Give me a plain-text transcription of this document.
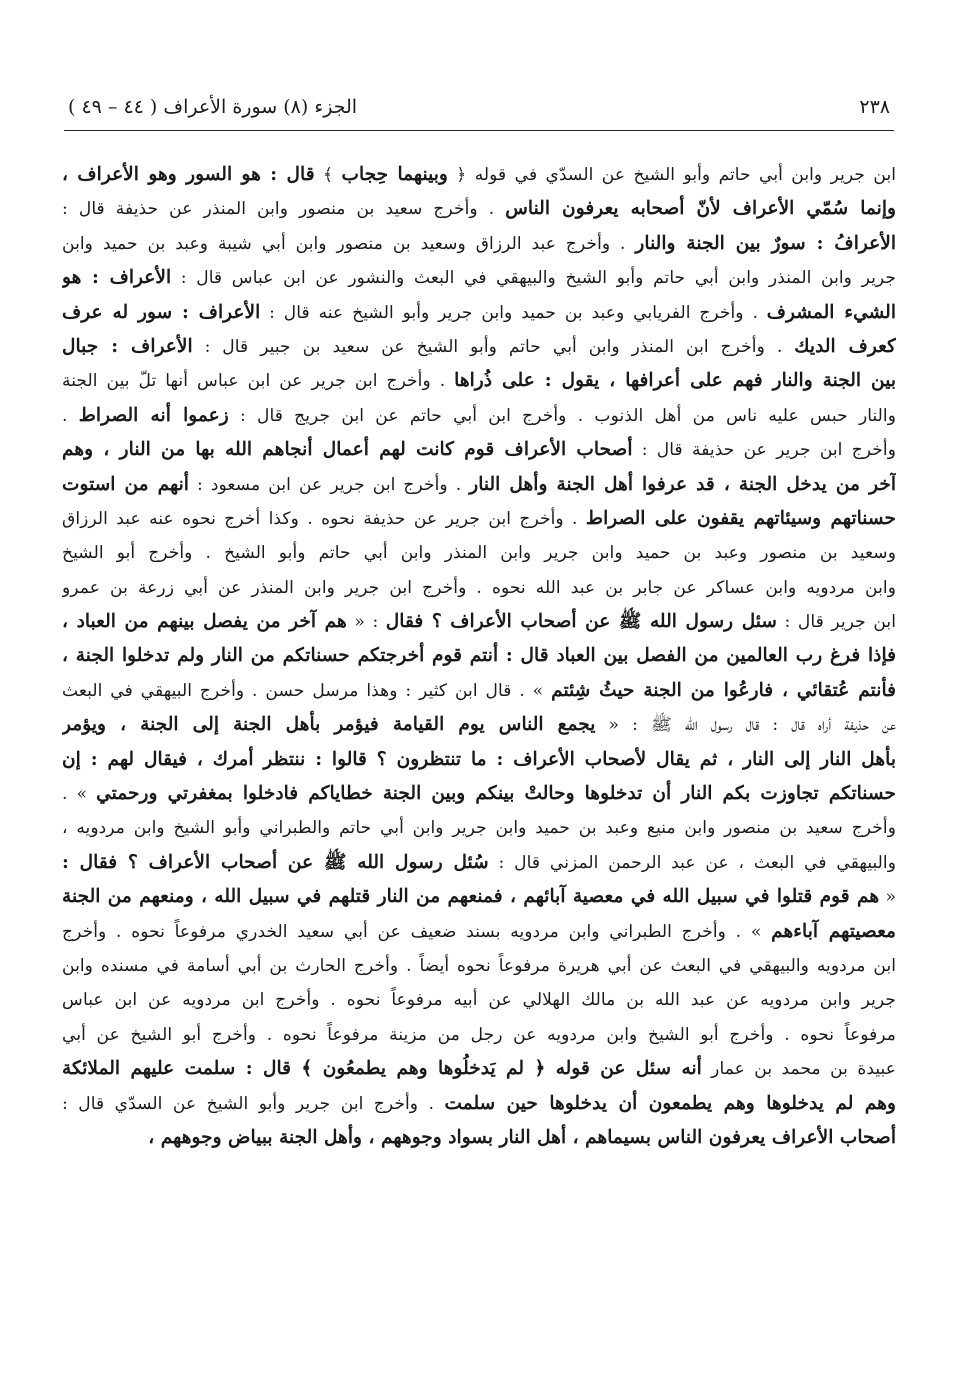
٢٣٨
الجزء (٨) سورة الأعراف ( ٤٤ – ٤٩ )
ابن جرير وابن أبي حاتم وأبو الشيخ عن السدّي في قوله ﴿ وبينهما حِجاب ﴾ قال : هو السور وهو الأعراف ،
وإنما سُمّي الأعراف لأنّ أصحابه يعرفون الناس . وأخرج سعيد بن منصور وابن المنذر عن حذيفة قال :
الأعرافُ : سورٌ بين الجنة والنار . وأخرج عبد الرزاق وسعيد بن منصور وابن أبي شيبة وعبد بن حميد وابن
جرير وابن المنذر وابن أبي حاتم وأبو الشيخ والبيهقي في البعث والنشور عن ابن عباس قال : الأعراف : هو
الشيء المشرف . وأخرج الفريابي وعبد بن حميد وابن جرير وأبو الشيخ عنه قال : الأعراف : سور له عرف
كعرف الديك . وأخرج ابن المنذر وابن أبي حاتم وأبو الشيخ عن سعيد بن جبير قال : الأعراف : جبال
بين الجنة والنار فهم على أعرافها ، يقول : على ذُراها . وأخرج ابن جرير عن ابن عباس أنها تلّ بين الجنة
والنار حبس عليه ناس من أهل الذنوب . وأخرج ابن أبي حاتم عن ابن جريج قال : زعموا أنه الصراط .
وأخرج ابن جرير عن حذيفة قال : أصحاب الأعراف قوم كانت لهم أعمال أنجاهم الله بها من النار ، وهم
آخر من يدخل الجنة ، قد عرفوا أهل الجنة وأهل النار . وأخرج ابن جرير عن ابن مسعود : أنهم من استوت
حسناتهم وسيئاتهم يقفون على الصراط . وأخرج ابن جرير عن حذيفة نحوه . وكذا أخرج نحوه عنه عبد الرزاق
وسعيد بن منصور وعبد بن حميد وابن جرير وابن المنذر وابن أبي حاتم وأبو الشيخ . وأخرج أبو الشيخ
وابن مردويه وابن عساكر عن جابر بن عبد الله نحوه . وأخرج ابن جرير وابن المنذر عن أبي زرعة بن عمرو
ابن جرير قال : سئل رسول الله ﷺ عن أصحاب الأعراف ؟ فقال : « هم آخر من يفصل بينهم من العباد ،
فإذا فرغ رب العالمين من الفصل بين العباد قال : أنتم قوم أخرجتكم حسناتكم من النار ولم تدخلوا الجنة ،
فأنتم عُتقائي ، فارعُوا من الجنة حيثُ شِئتم » . قال ابن كثير : وهذا مرسل حسن . وأخرج البيهقي في البعث
عن حذيفة أراه قال : قال رسول الله ﷺ : « يجمع الناس يوم القيامة فيؤمر بأهل الجنة إلى الجنة ، ويؤمر
بأهل النار إلى النار ، ثم يقال لأصحاب الأعراف : ما تنتظرون ؟ قالوا : ننتظر أمرك ، فيقال لهم : إن
حسناتكم تجاوزت بكم النار أن تدخلوها وحالتْ بينكم وبين الجنة خطاياكم فادخلوا بمغفرتي ورحمتي » .
وأخرج سعيد بن منصور وابن منيع وعبد بن حميد وابن جرير وابن أبي حاتم والطبراني وأبو الشيخ وابن مردويه ،
والبيهقي في البعث ، عن عبد الرحمن المزني قال : سُئل رسول الله ﷺ عن أصحاب الأعراف ؟ فقال :
« هم قوم قتلوا في سبيل الله في معصية آبائهم ، فمنعهم من النار قتلهم في سبيل الله ، ومنعهم من الجنة
معصيتهم آباءهم » . وأخرج الطبراني وابن مردويه بسند ضعيف عن أبي سعيد الخدري مرفوعاً نحوه . وأخرج
ابن مردويه والبيهقي في البعث عن أبي هريرة مرفوعاً نحوه أيضاً . وأخرج الحارث بن أبي أسامة في مسنده وابن
جرير وابن مردويه عن عبد الله بن مالك الهلالي عن أبيه مرفوعاً نحوه . وأخرج ابن مردويه عن ابن عباس
مرفوعاً نحوه . وأخرج أبو الشيخ وابن مردويه عن رجل من مزينة مرفوعاً نحوه . وأخرج أبو الشيخ عن أبي
عبيدة بن محمد بن عمار أنه سئل عن قوله ﴿ لم يَدخلُوها وهم يطمعُون ﴾ قال : سلمت عليهم الملائكة
وهم لم يدخلوها وهم يطمعون أن يدخلوها حين سلمت . وأخرج ابن جرير وأبو الشيخ عن السدّي قال :
أصحاب الأعراف يعرفون الناس بسيماهم ، أهل النار بسواد وجوههم ، وأهل الجنة ببياض وجوههم ،
